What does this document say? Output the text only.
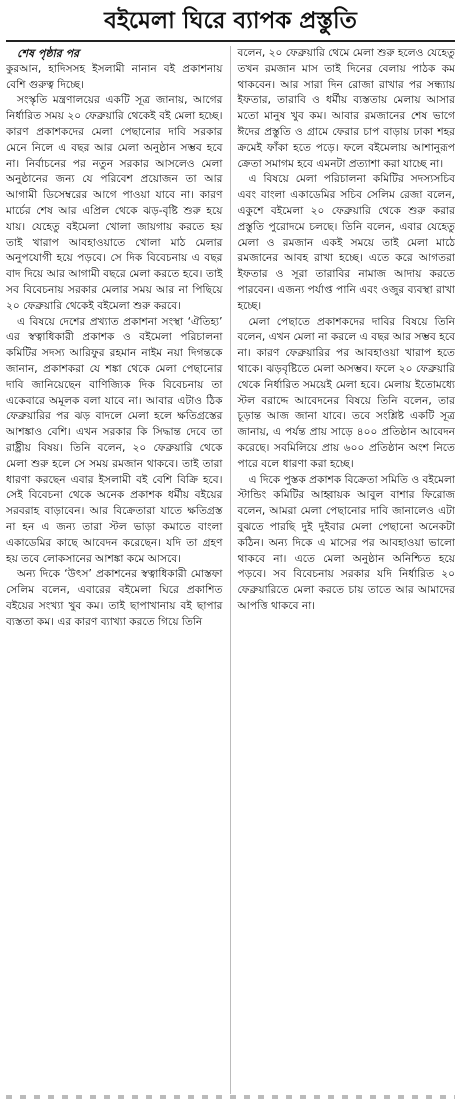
বইমেলা ঘিরে ব্যাপক প্রস্তুতি

শেষ পৃষ্ঠার পর

কুরআন, হাদিসসহ ইসলামী নানান বই প্রকাশনায় বেশি গুরুত্ব দিচ্ছে।

সংস্কৃতি মন্ত্রণালয়ের একটি সূত্র জানায়, আগের নির্ধারিত সময় ২০ ফেব্রুয়ারি থেকেই বই মেলা হচ্ছে। কারণ প্রকাশকদের মেলা পেছানোর দাবি সরকার মেনে নিলে এ বছর আর মেলা অনুষ্ঠান সম্ভব হবে না। নির্বাচনের পর নতুন সরকার আসলেও মেলা অনুষ্ঠানের জন্য যে পরিবেশ প্রয়োজন তা আর আগামী ডিসেম্বরের আগে পাওয়া যাবে না। কারণ মার্চের শেষ আর এপ্রিল থেকে ঝড়-বৃষ্টি শুরু হয়ে যায়। যেহেতু বইমেলা খোলা জায়গায় করতে হয় তাই খারাপ আবহাওয়াতে খোলা মাঠ মেলার অনুপযোগী হয়ে পড়বে। সে দিক বিবেচনায় এ বছর বাদ দিয়ে আর আগামী বছরে মেলা করতে হবে। তাই সব বিবেচনায় সরকার মেলার সময় আর না পিছিয়ে ২০ ফেব্রুয়ারি থেকেই বইমেলা শুরু করবে।

এ বিষয়ে দেশের প্রখ্যাত প্রকাশনা সংস্থা ‘ঐতিহ্য’ এর স্বত্বাধিকারী প্রকাশক ও বইমেলা পরিচালনা কমিটির সদস্য আরিফুর রহমান নাইম নয়া দিগন্তকে জানান, প্রকাশকরা যে শঙ্কা থেকে মেলা পেছানোর দাবি জানিয়েছেন বাণিজ্যিক দিক বিবেচনায় তা একেবারে অমূলক বলা যাবে না। আবার এটাও ঠিক ফেব্রুয়ারির পর ঝড় বাদলে মেলা হলে ক্ষতিগ্রস্তের আশঙ্কাও বেশি। এখন সরকার কি সিদ্ধান্ত দেবে তা রাষ্ট্রীয় বিষয়। তিনি বলেন, ২০ ফেব্রুয়ারি থেকে মেলা শুরু হলে সে সময় রমজান থাকবে। তাই তারা ধারণা করছেন এবার ইসলামী বই বেশি বিক্রি হবে। সেই বিবেচনা থেকে অনেক প্রকাশক ধর্মীয় বইয়ের সরবরাহ বাড়াবেন। আর বিক্রেতারা যাতে ক্ষতিগ্রস্ত না হন এ জন্য তারা স্টল ভাড়া কমাতে বাংলা একাডেমির কাছে আবেদন করেছেন। যদি তা গ্রহণ হয় তবে লোকসানের আশঙ্কা কমে আসবে।

অন্য দিকে ‘উৎস’ প্রকাশনের স্বত্বাধিকারী মোস্তফা সেলিম বলেন, এবারের বইমেলা ঘিরে প্রকাশিত বইয়ের সংখ্যা খুব কম। তাই ছাপাখানায় বই ছাপার ব্যস্ততা কম। এর কারণ ব্যাখ্যা করতে গিয়ে তিনি

বলেন, ২০ ফেব্রুয়ারি থেমে মেলা শুরু হলেও যেহেতু তখন রমজান মাস তাই দিনের বেলায় পাঠক কম থাকবেন। আর সারা দিন রোজা রাখার পর সন্ধ্যায় ইফতার, তারাবি ও ধর্মীয় ব্যস্ততায় মেলায় আসার মতো মানুষ খুব কম। আবার রমজানের শেষ ভাগে ঈদের প্রস্তুতি ও গ্রামে ফেরার চাপ বাড়ায় ঢাকা শহর ক্রমেই ফাঁকা হতে পড়ে। ফলে বইমেলায় আশানুরূপ ক্রেতা সমাগম হবে এমনটা প্রত্যাশা করা যাচ্ছে না।

এ বিষয়ে মেলা পরিচালনা কমিটির সদস্যসচিব এবং বাংলা একাডেমির সচিব সেলিম রেজা বলেন, একুশে বইমেলা ২০ ফেব্রুয়ারি থেকে শুরু করার প্রস্তুতি পুরোদমে চলছে। তিনি বলেন, এবার যেহেতু মেলা ও রমজান একই সময়ে তাই মেলা মাঠে রমজানের আবহ রাখা হচ্ছে। এতে করে আগতরা ইফতার ও সূরা তারাবির নামাজ আদায় করতে পারবেন। এজন্য পর্যাপ্ত পানি এবং ওজুর ব্যবস্থা রাখা হচ্ছে।

মেলা পেছাতে প্রকাশকদের দাবির বিষয়ে তিনি বলেন, এখন মেলা না করলে এ বছর আর সম্ভব হবে না। কারণ ফেব্রুয়ারির পর আবহাওয়া খারাপ হতে থাকে। ঝড়বৃষ্টিতে মেলা অসম্ভব। ফলে ২০ ফেব্রুয়ারি থেকে নির্ধারিত সময়েই মেলা হবে। মেলায় ইতোমধ্যে স্টল বরাদ্দে আবেদনের বিষয়ে তিনি বলেন, তার চূড়ান্ত আজ জানা যাবে। তবে সংশ্লিষ্ট একটি সূত্র জানায়, এ পর্যন্ত প্রায় সাড়ে ৪০০ প্রতিষ্ঠান আবেদন করেছে। সবমিলিয়ে প্রায় ৬০০ প্রতিষ্ঠান অংশ নিতে পারে বলে ধারণা করা হচ্ছে।

এ দিকে পুস্তক প্রকাশক বিক্রেতা সমিতি ও বইমেলা স্টান্ডিং কমিটির আহ্বায়ক আবুল বাশার ফিরোজ বলেন, আমরা মেলা পেছানোর দাবি জানালেও এটা বুঝতে পারছি দুই দুইবার মেলা পেছানো অনেকটা কঠিন। অন্য দিকে এ মাসের পর আবহাওয়া ভালো থাকবে না। এতে মেলা অনুষ্ঠান অনিশ্চিত হয়ে পড়বে। সব বিবেচনায় সরকার যদি নির্ধারিত ২০ ফেব্রুয়ারিতে মেলা করতে চায় তাতে আর আমাদের আপত্তি থাকবে না।
